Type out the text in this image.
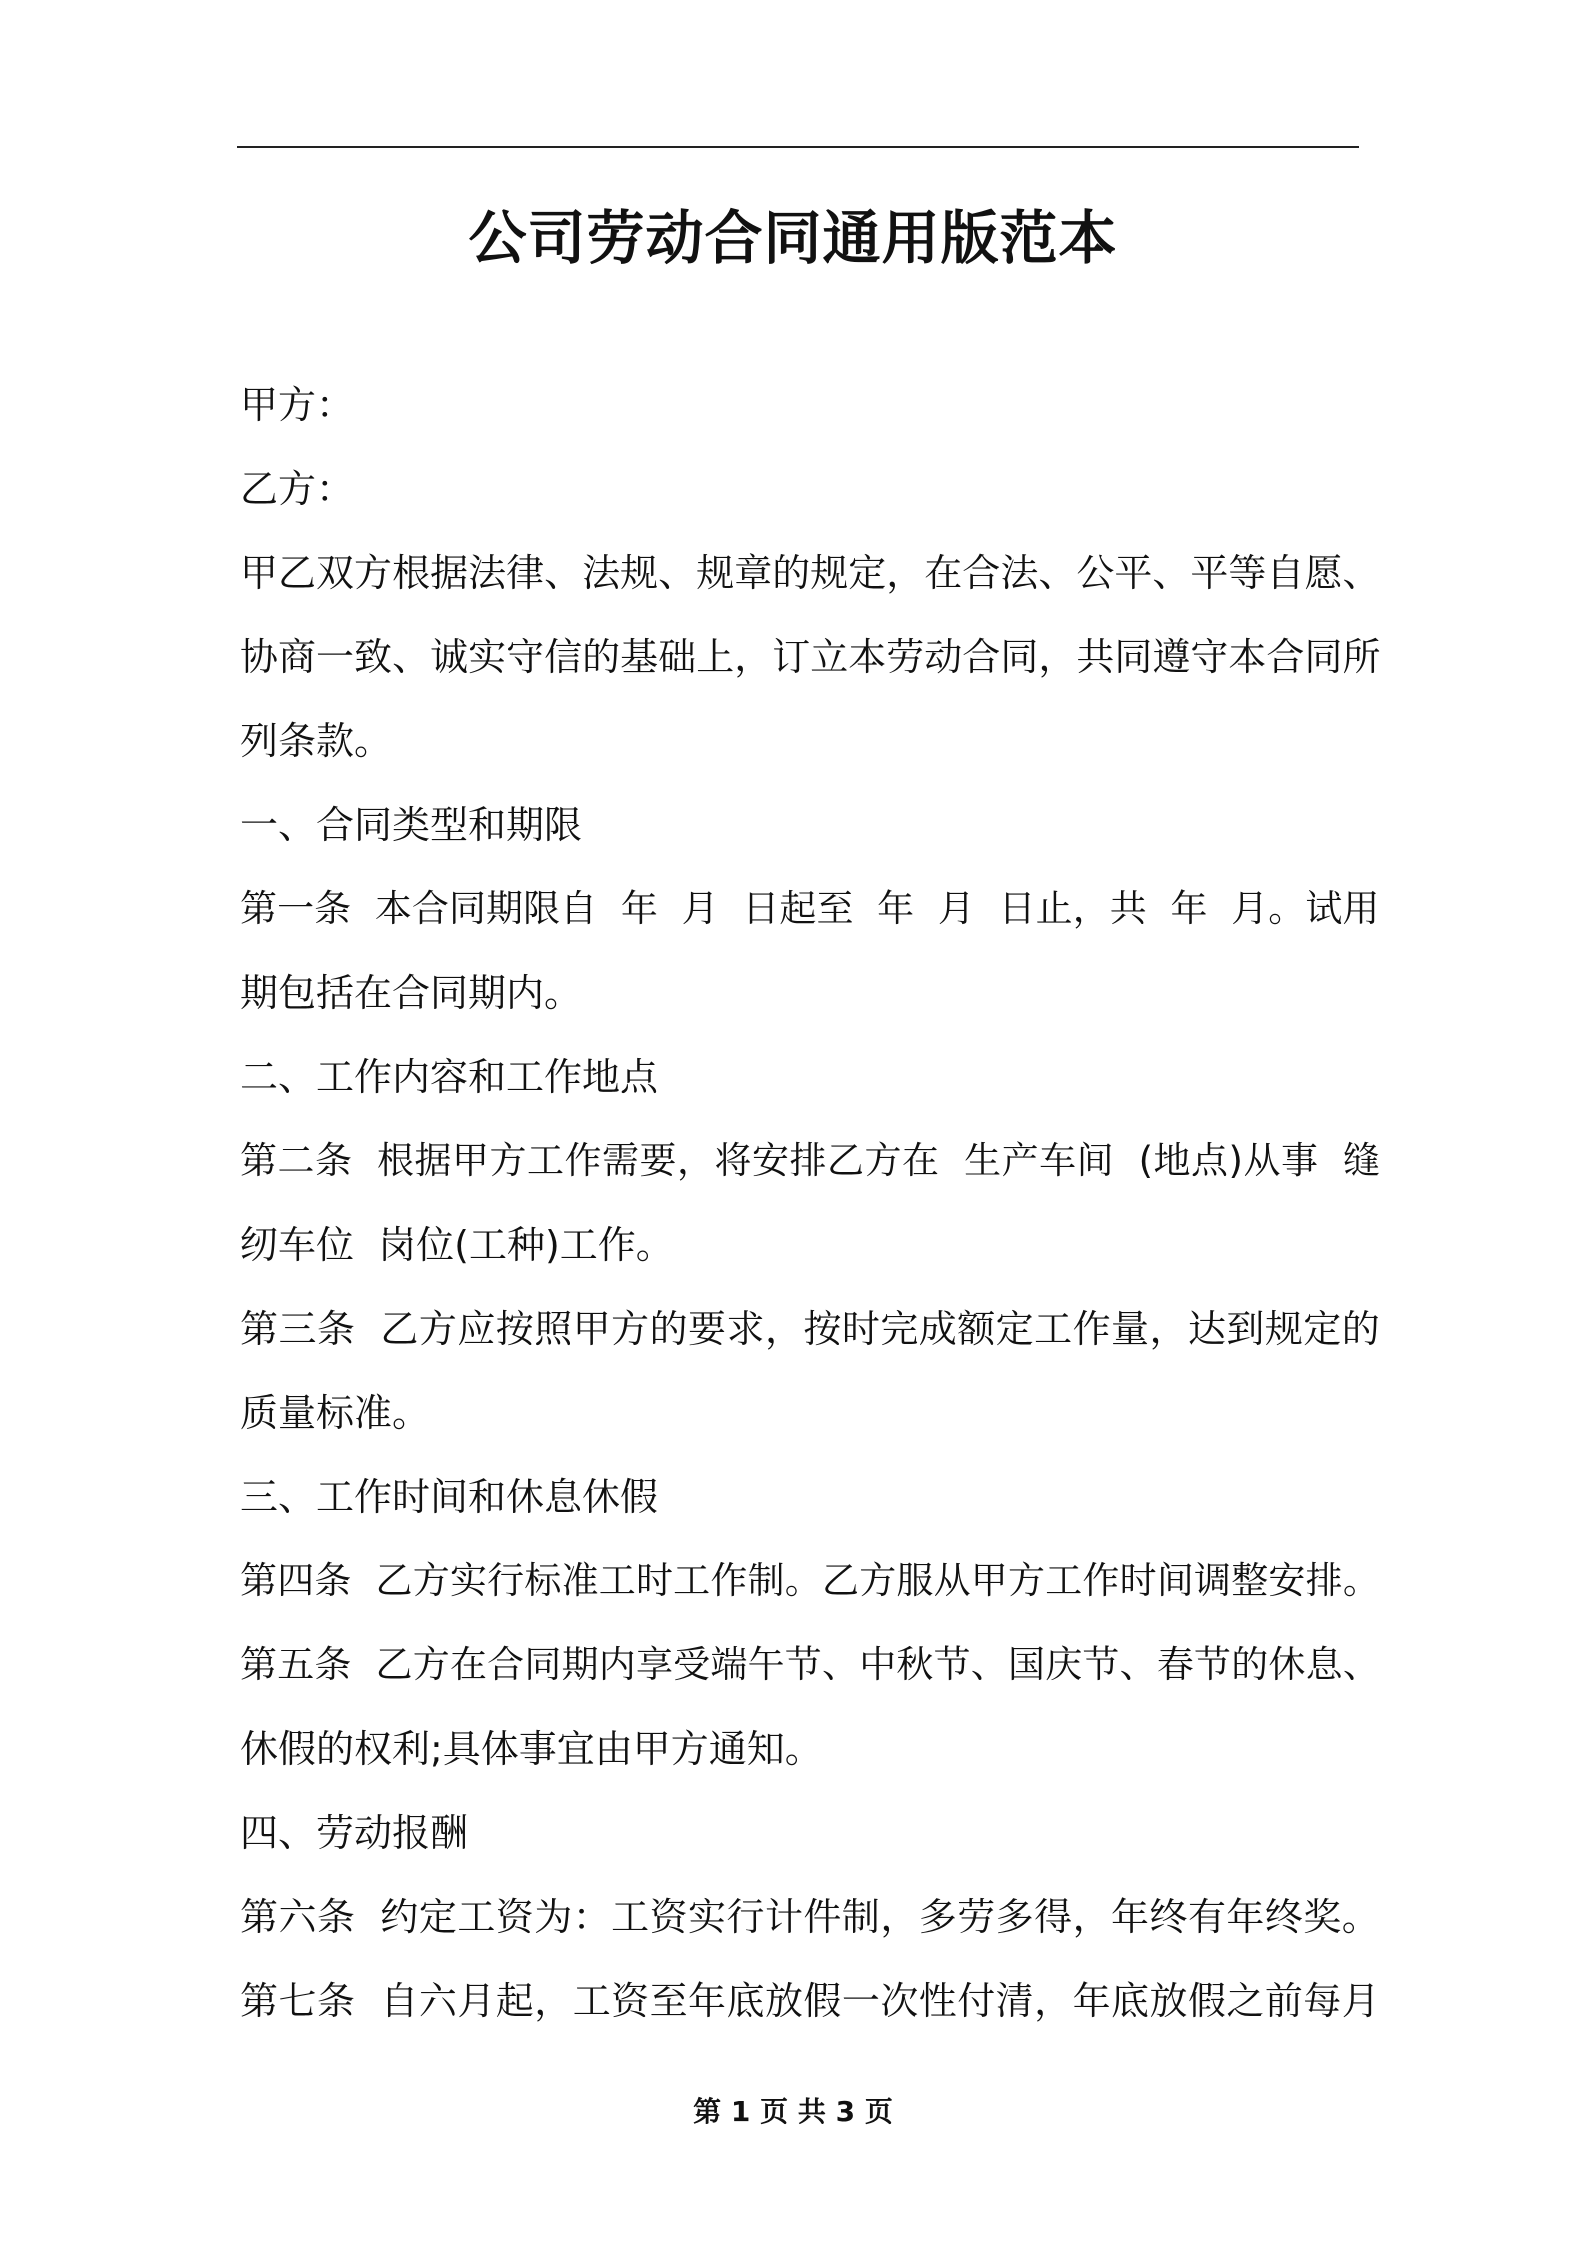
公司劳动合同通用版范本
甲方：
乙方：
甲 乙 双 方 根 据 法 律 、 法 规 、 规 章 的 规 定 ， 在 合 法 、 公 平 、 平 等 自 愿 、
协 商 一 致 、 诚 实 守 信 的 基 础 上 ， 订 立 本 劳 动 合 同 ， 共 同 遵 守 本 合 同 所
列条款。
一、合同类型和期限
第 一 条

本 合 同 期 限 自

年

月

日 起 至

年

月

日 止 ， 共

年

月 。 试 用
期包括在合同期内。
二、工作内容和工作地点
第 二 条

根 据 甲 方 工 作 需 要 ， 将 安 排 乙 方 在

生 产 车 间

( 地 点 ) 从 事

缝
纫车位  岗位(工种)工作。
第 三 条

乙 方 应 按 照 甲 方 的 要 求 ， 按 时 完 成 额 定 工 作 量 ， 达 到 规 定 的
质量标准。
三、工作时间和休息休假
第 四 条

乙 方 实 行 标 准 工 时 工 作 制 。 乙 方 服 从 甲 方 工 作 时 间 调 整 安 排 。
第 五 条

乙 方 在 合 同 期 内 享 受 端 午 节 、 中 秋 节 、 国 庆 节 、 春 节 的 休 息 、
休假的权利;具体事宜由甲方通知。
四、劳动报酬
第 六 条

约 定 工 资 为 ： 工 资 实 行 计 件 制 ， 多 劳 多 得 ， 年 终 有 年 终 奖 。
第 七 条

自 六 月 起 ， 工 资 至 年 底 放 假 一 次 性 付 清 ， 年 底 放 假 之 前 每 月
第 1 页 共 3 页
